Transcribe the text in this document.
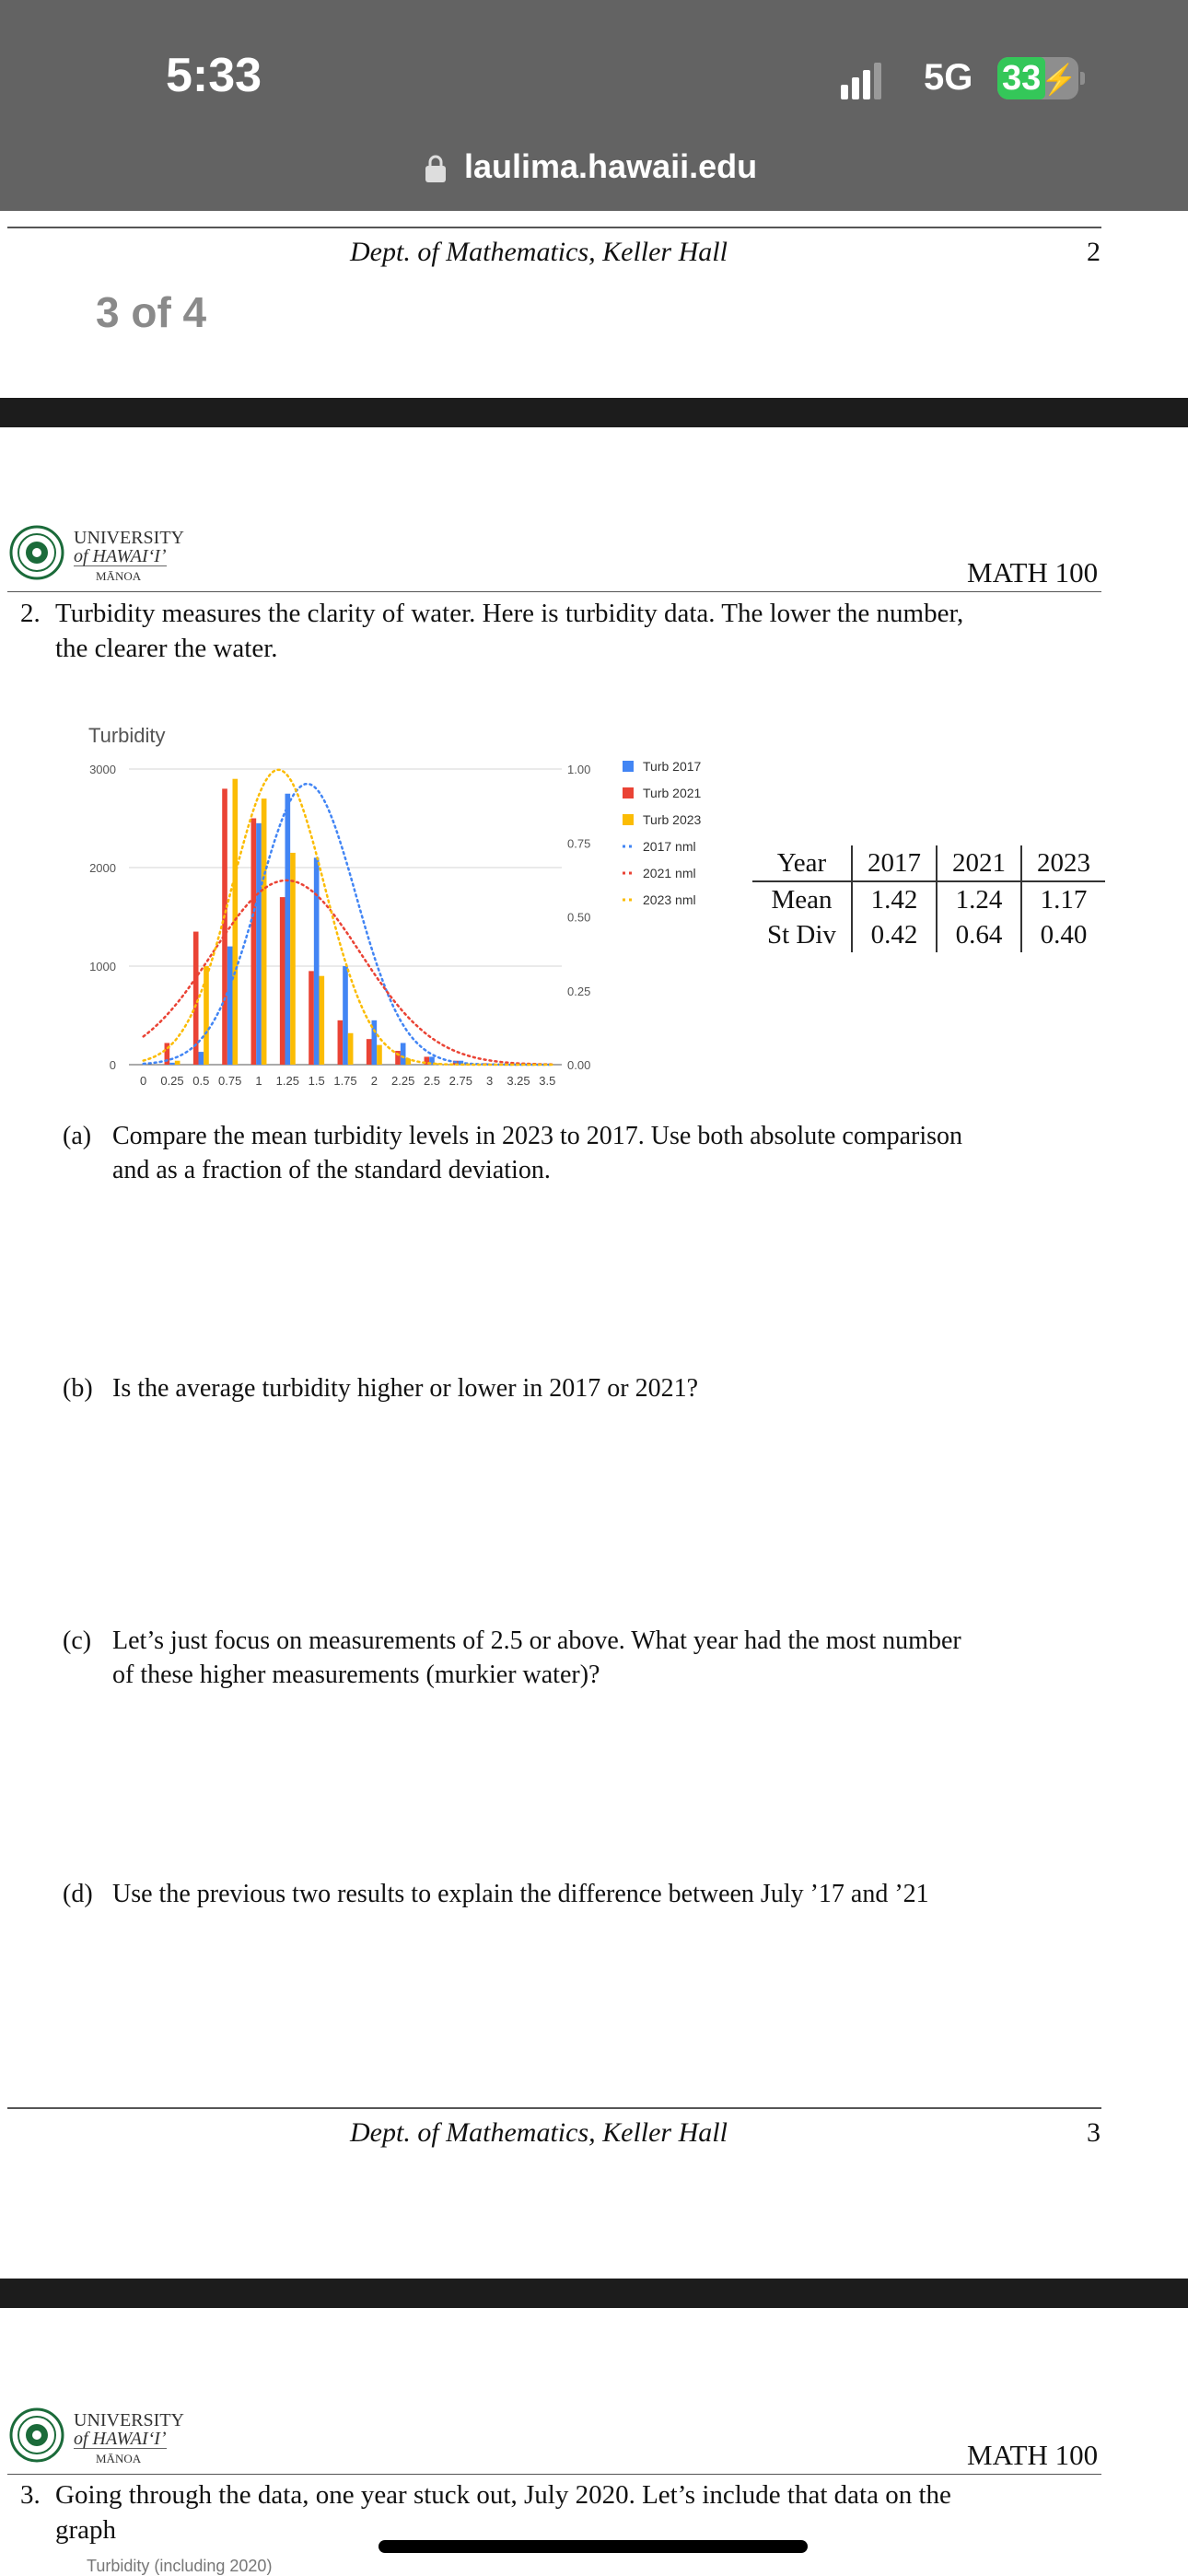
5:33	5G 33⚡
laulima.hawaii.edu
Dept. of Mathematics, Keller Hall	2
3 of 4
UNIVERSITY
of HAWAIʻIʼ
MĀNOA	MATH 100
2. Turbidity measures the clarity of water. Here is turbidity data. The lower the number,
the clearer the water.
Turbidity
0
1000
2000
3000
0.00
0.25
0.50
0.75
1.00
0 0.25 0.5 0.75 1 1.25 1.5 1.75 2 2.25 2.5 2.75 3 3.25 3.5
Turb 2017
Turb 2021
Turb 2023
2017 nml
2021 nml
2023 nml
Year	2017	2021	2023
Mean	1.42	1.24	1.17
St Div	0.42	0.64	0.40
(a) Compare the mean turbidity levels in 2023 to 2017. Use both absolute comparison
and as a fraction of the standard deviation.
(b) Is the average turbidity higher or lower in 2017 or 2021?
(c) Let’s just focus on measurements of 2.5 or above. What year had the most number
of these higher measurements (murkier water)?
(d) Use the previous two results to explain the difference between July ’17 and ’21
Dept. of Mathematics, Keller Hall	3
UNIVERSITY
of HAWAIʻIʼ
MĀNOA	MATH 100
3. Going through the data, one year stuck out, July 2020. Let’s include that data on the
graph
Turbidity (including 2020)
